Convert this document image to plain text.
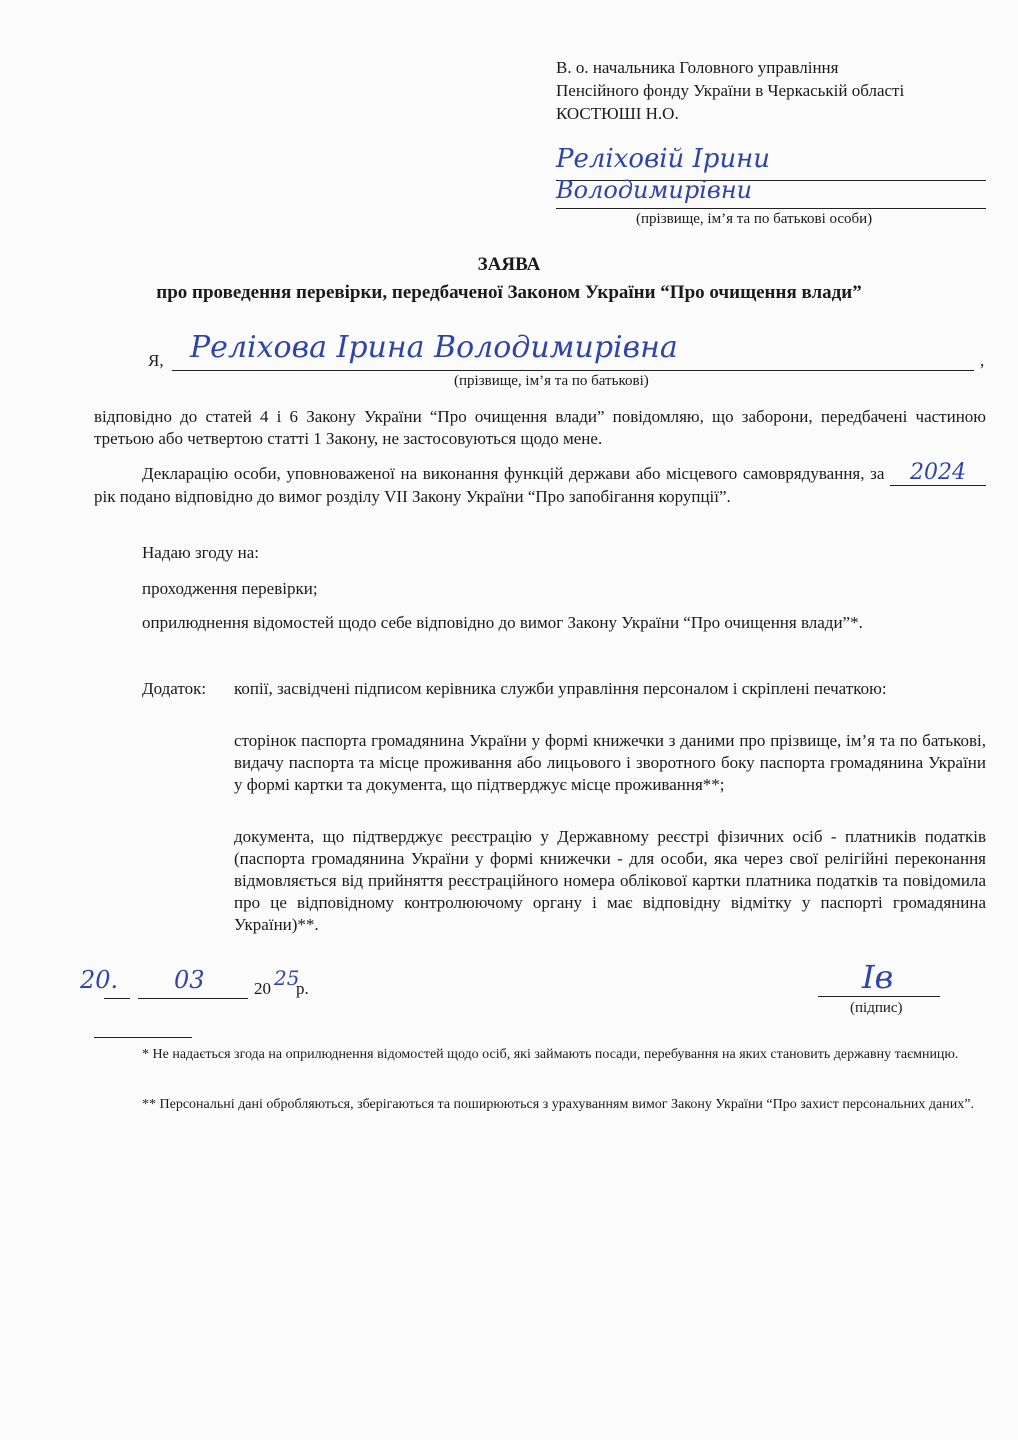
В. о. начальника Головного управління
Пенсійного фонду України в Черкаській області
КОСТЮШІ Н.О.
Реліховій Ірини
Володимирівни
(прізвище, ім’я та по батькові особи)
ЗАЯВА
про проведення перевірки, передбаченої Законом України “Про очищення влади”
Я, Реліхова Ірина Володимирівна	,
(прізвище, ім’я та по батькові)
відповідно до статей 4 і 6 Закону України “Про очищення влади” повідомляю, що заборони, передбачені частиною третьою або четвертою статті 1 Закону, не застосовуються щодо мене.
Декларацію особи, уповноваженої на виконання функцій держави або місцевого самоврядування, за 2024 рік подано відповідно до вимог розділу VII Закону України “Про запобігання корупції”.
Надаю згоду на:
проходження перевірки;
оприлюднення відомостей щодо себе відповідно до вимог Закону України “Про очищення влади”*.
Додаток: копії, засвідчені підписом керівника служби управління персоналом і скріплені печаткою:
сторінок паспорта громадянина України у формі книжечки з даними про прізвище, ім’я та по батькові, видачу паспорта та місце проживання або лицьового і зворотного боку паспорта громадянина України у формі картки та документа, що підтверджує місце проживання**;
документа, що підтверджує реєстрацію у Державному реєстрі фізичних осіб - платників податків (паспорта громадянина України у формі книжечки - для особи, яка через свої релігійні переконання відмовляється від прийняття реєстраційного номера облікової картки платника податків та повідомила про це відповідному контролюючому органу і має відповідну відмітку у паспорті громадянина України)**.
20. 03	20 25
р.	Ів
(підпис)
* Не надається згода на оприлюднення відомостей щодо осіб, які займають посади, перебування на яких становить державну таємницю.
** Персональні дані обробляються, зберігаються та поширюються з урахуванням вимог Закону України “Про захист персональних даних”.
